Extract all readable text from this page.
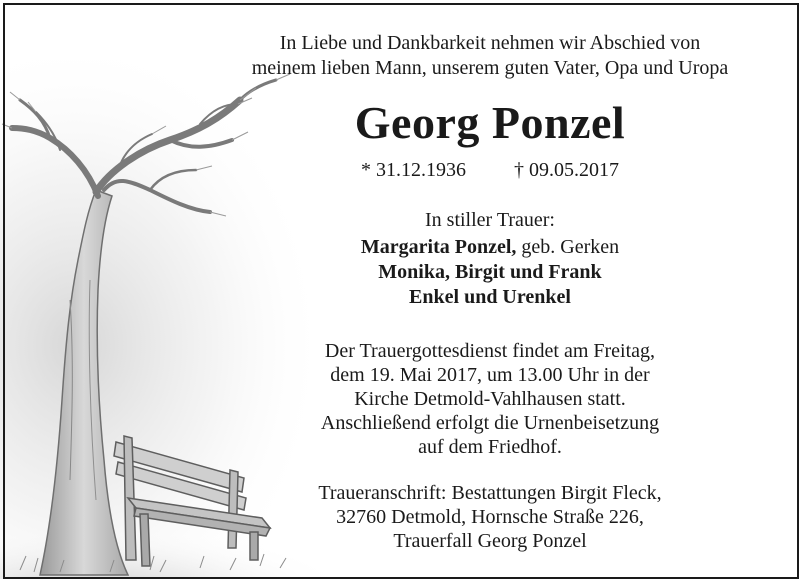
In Liebe und Dankbarkeit nehmen wir Abschied von
meinem lieben Mann, unserem guten Vater, Opa und Uropa
Georg Ponzel
* 31.12.1936 † 09.05.2017
In stiller Trauer:
Margarita Ponzel, geb. Gerken
Monika, Birgit und Frank
Enkel und Urenkel
Der Trauergottesdienst findet am Freitag,
dem 19. Mai 2017, um 13.00 Uhr in der
Kirche Detmold-Vahlhausen statt.
Anschließend erfolgt die Urnenbeisetzung
auf dem Friedhof.
Traueranschrift: Bestattungen Birgit Fleck,
32760 Detmold, Hornsche Straße 226,
Trauerfall Georg Ponzel
